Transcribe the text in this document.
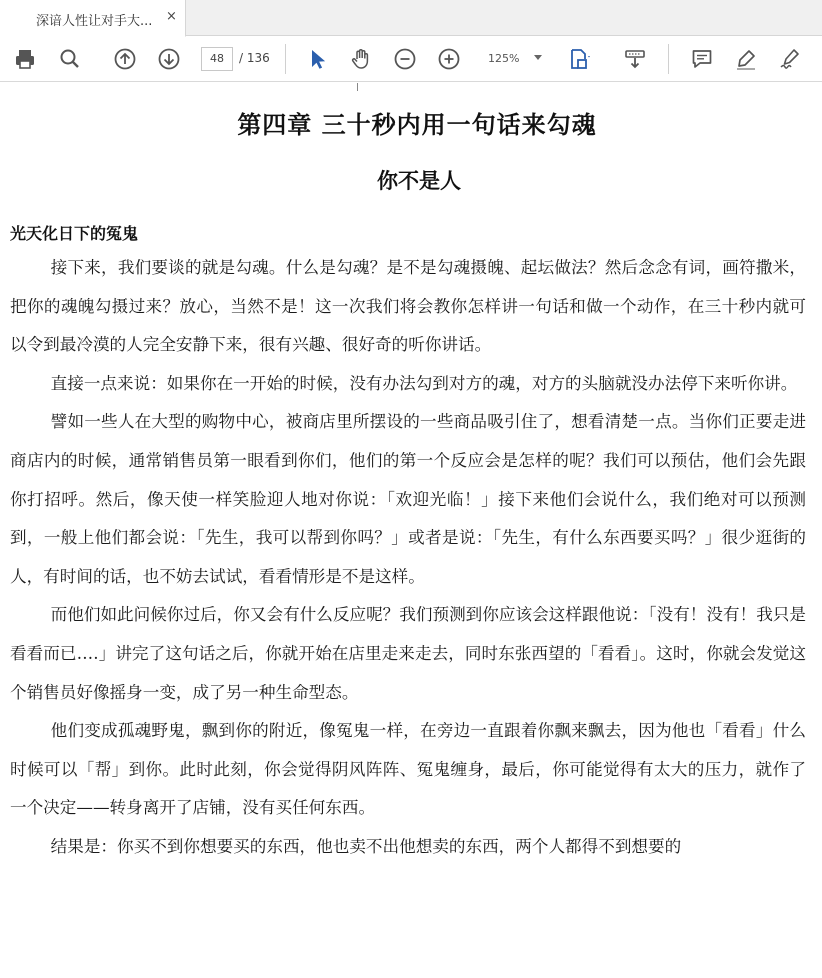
深谙人性让对手大... ×
48	/ 136	125%
第四章 三十秒内用一句话来勾魂
你不是人
光天化日下的冤鬼

接下来，我们要谈的就是勾魂。什么是勾魂？是不是勾魂摄魄、起坛做法？然后念念有词，画符撒米，把你的魂魄勾摄过来？放心，当然不是！这一次我们将会教你怎样讲一句话和做一个动作，在三十秒内就可以令到最冷漠的人完全安静下来，很有兴趣、很好奇的听你讲话。

直接一点来说：如果你在一开始的时候，没有办法勾到对方的魂，对方的头脑就没办法停下来听你讲。

譬如一些人在大型的购物中心，被商店里所摆设的一些商品吸引住了，想看清楚一点。当你们正要走进商店内的时候，通常销售员第一眼看到你们，他们的第一个反应会是怎样的呢？我们可以预估，他们会先跟你打招呼。然后，像天使一样笑脸迎人地对你说：「欢迎光临！」接下来他们会说什么，我们绝对可以预测到，一般上他们都会说：「先生，我可以帮到你吗？」或者是说：「先生，有什么东西要买吗？」很少逛街的人，有时间的话，也不妨去试试，看看情形是不是这样。

而他们如此问候你过后，你又会有什么反应呢？我们预测到你应该会这样跟他说：「没有！没有！我只是看看而已‥‥」讲完了这句话之后，你就开始在店里走来走去，同时东张西望的「看看」。这时，你就会发觉这个销售员好像摇身一变，成了另一种生命型态。

他们变成孤魂野鬼，飘到你的附近，像冤鬼一样，在旁边一直跟着你飘来飘去，因为他也「看看」什么时候可以「帮」到你。此时此刻，你会觉得阴风阵阵、冤鬼缠身，最后，你可能觉得有太大的压力，就作了一个决定——转身离开了店铺，没有买任何东西。

结果是：你买不到你想要买的东西，他也卖不出他想卖的东西，两个人都得不到想要的
